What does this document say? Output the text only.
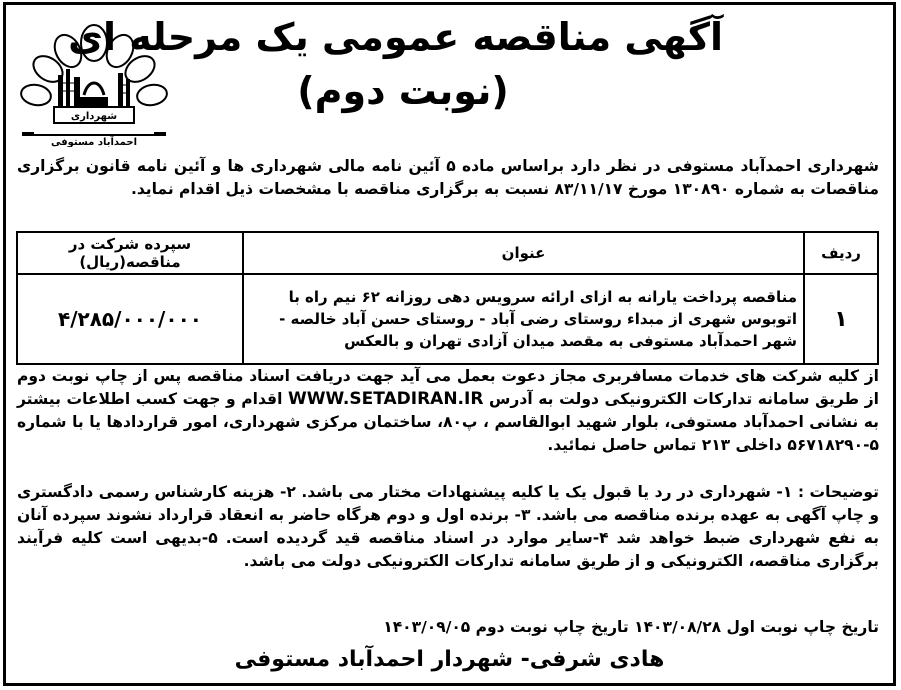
آگهی مناقصه عمومی یک مرحله ای
(نوبت دوم)
شهرداری
احمدآباد مستوفی
شهرداری احمدآباد مستوفی در نظر دارد براساس ماده ۵ آئین نامه مالی شهرداری ها و آئین نامه قانون برگزاری مناقصات به شماره ۱۳۰۸۹۰ مورخ ۸۳/۱۱/۱۷ نسبت به برگزاری مناقصه با مشخصات ذیل اقدام نماید.
ردیف	عنوان	سپرده شرکت در مناقصه(ریال)
۱	مناقصه پرداخت یارانه به ازای ارائه سرویس دهی روزانه ۶۲ نیم راه با اتوبوس شهری از مبداء روستای رضی آباد - روستای حسن آباد خالصه - شهر احمدآباد مستوفی به مقصد میدان آزادی تهران و بالعکس	۴/۲۸۵/۰۰۰/۰۰۰
از کلیه شرکت های خدمات مسافربری مجاز دعوت بعمل می آید جهت دریافت اسناد مناقصه پس از چاپ نوبت دوم از طریق سامانه تدارکات الکترونیکی دولت به آدرس WWW.SETADIRAN.IR اقدام و جهت کسب اطلاعات بیشتر به نشانی احمدآباد مستوفی، بلوار شهید ابوالقاسم ، پ۸۰، ساختمان مرکزی شهرداری، امور قراردادها یا با شماره ۵-۵۶۷۱۸۲۹۰ داخلی ۲۱۳ تماس حاصل نمائید.
توضیحات : ۱- شهرداری در رد یا قبول یک یا کلیه پیشنهادات مختار می باشد. ۲- هزینه کارشناس رسمی دادگستری و چاپ آگهی به عهده برنده مناقصه می باشد. ۳- برنده اول و دوم هرگاه حاضر به انعقاد قرارداد نشوند سپرده آنان به نفع شهرداری ضبط خواهد شد ۴-سایر موارد در اسناد مناقصه قید گردیده است. ۵-بدیهی است کلیه فرآیند برگزاری مناقصه، الکترونیکی و از طریق سامانه تدارکات الکترونیکی دولت می باشد.
تاریخ چاپ نوبت اول ۱۴۰۳/۰۸/۲۸ تاریخ چاپ نوبت دوم ۱۴۰۳/۰۹/۰۵
هادی شرفی- شهردار احمدآباد مستوفی
